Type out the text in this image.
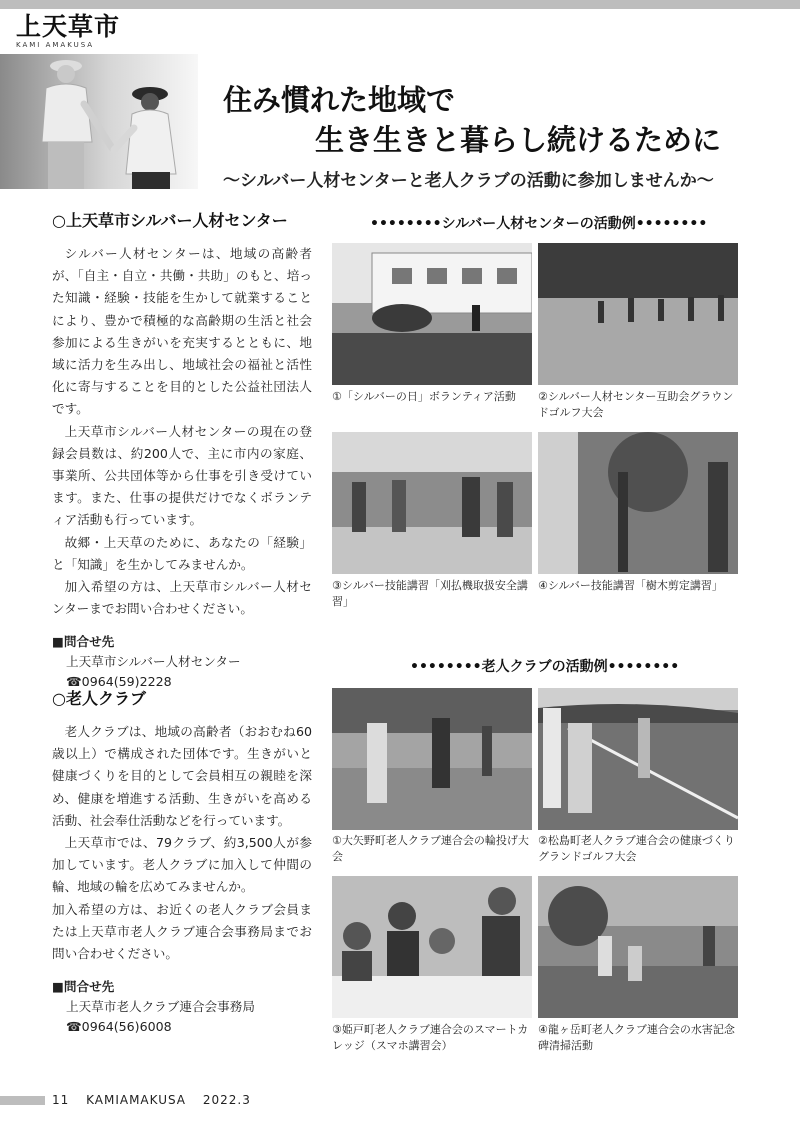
上天草市
KAMI AMAKUSA
住み慣れた地域で
生き生きと暮らし続けるために
〜シルバー人材センターと老人クラブの活動に参加しませんか〜
○上天草市シルバー人材センター

シルバー人材センターは、地域の高齢者が、「自主・自立・共働・共助」のもと、培った知識・経験・技能を生かして就業することにより、豊かで積極的な高齢期の生活と社会参加による生きがいを充実するとともに、地域に活力を生み出し、地域社会の福祉と活性化に寄与することを目的とした公益社団法人です。

上天草市シルバー人材センターの現在の登録会員数は、約200人で、主に市内の家庭、事業所、公共団体等から仕事を引き受けています。また、仕事の提供だけでなくボランティア活動も行っています。

故郷・上天草のために、あなたの「経験」と「知識」を生かしてみませんか。

加入希望の方は、上天草市シルバー人材センターまでお問い合わせください。

■問合せ先
上天草市シルバー人材センター
☎0964(59)2228
○老人クラブ

老人クラブは、地域の高齢者（おおむね60歳以上）で構成された団体です。生きがいと健康づくりを目的として会員相互の親睦を深め、健康を増進する活動、生きがいを高める活動、社会奉仕活動などを行っています。

上天草市では、79クラブ、約3,500人が参加しています。老人クラブに加入して仲間の輪、地域の輪を広めてみませんか。

加入希望の方は、お近くの老人クラブ会員または上天草市老人クラブ連合会事務局までお問い合わせください。

■問合せ先
上天草市老人クラブ連合会事務局
☎0964(56)6008
••••••••シルバー人材センターの活動例••••••••
①「シルバーの日」ボランティア活動	②シルバー人材センター互助会グラウンドゴルフ大会
③シルバー技能講習「刈払機取扱安全講習」
④シルバー技能講習「樹木剪定講習」
••••••••老人クラブの活動例••••••••
①大矢野町老人クラブ連合会の輪投げ大会
②松島町老人クラブ連合会の健康づくりグランドゴルフ大会
③姫戸町老人クラブ連合会のスマートカレッジ（スマホ講習会）
④龍ヶ岳町老人クラブ連合会の水害記念碑清掃活動
11 KAMIAMAKUSA 2022.3
